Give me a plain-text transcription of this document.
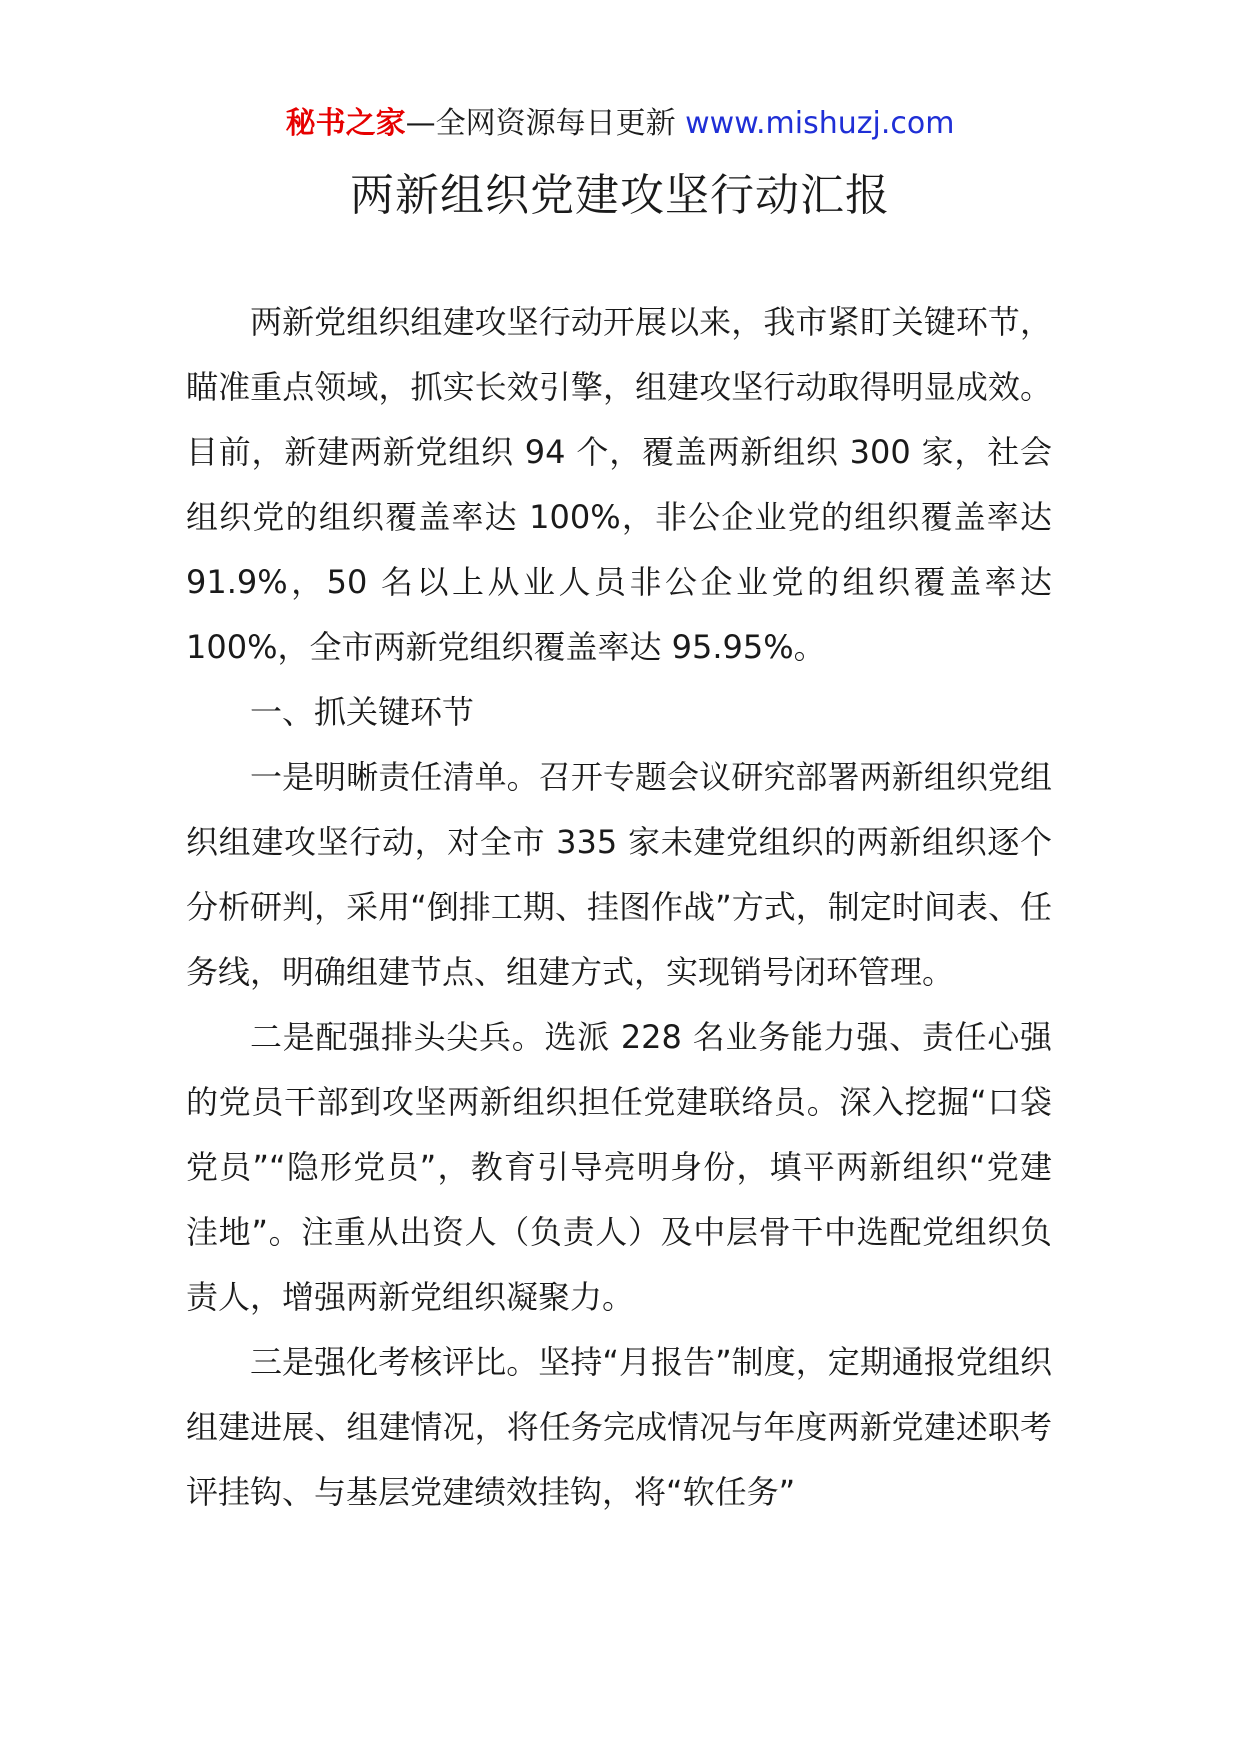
秘书之家—全网资源每日更新 www.mishuzj.com
两新组织党建攻坚行动汇报

两新党组织组建攻坚行动开展以来，我市紧盯关键环节，瞄准重点领域，抓实长效引擎，组建攻坚行动取得明显成效。目前，新建两新党组织 94 个，覆盖两新组织 300 家，社会组织党的组织覆盖率达 100%，非公企业党的组织覆盖率达 91.9%，50 名以上从业人员非公企业党的组织覆盖率达 100%，全市两新党组织覆盖率达 95.95%。

一、抓关键环节

一是明晰责任清单。召开专题会议研究部署两新组织党组织组建攻坚行动，对全市 335 家未建党组织的两新组织逐个分析研判，采用“倒排工期、挂图作战”方式，制定时间表、任务线，明确组建节点、组建方式，实现销号闭环管理。

二是配强排头尖兵。选派 228 名业务能力强、责任心强的党员干部到攻坚两新组织担任党建联络员。深入挖掘“口袋党员”“隐形党员”，教育引导亮明身份，填平两新组织“党建洼地”。注重从出资人（负责人）及中层骨干中选配党组织负责人，增强两新党组织凝聚力。

三是强化考核评比。坚持“月报告”制度，定期通报党组织组建进展、组建情况，将任务完成情况与年度两新党建述职考评挂钩、与基层党建绩效挂钩，将“软任务”
